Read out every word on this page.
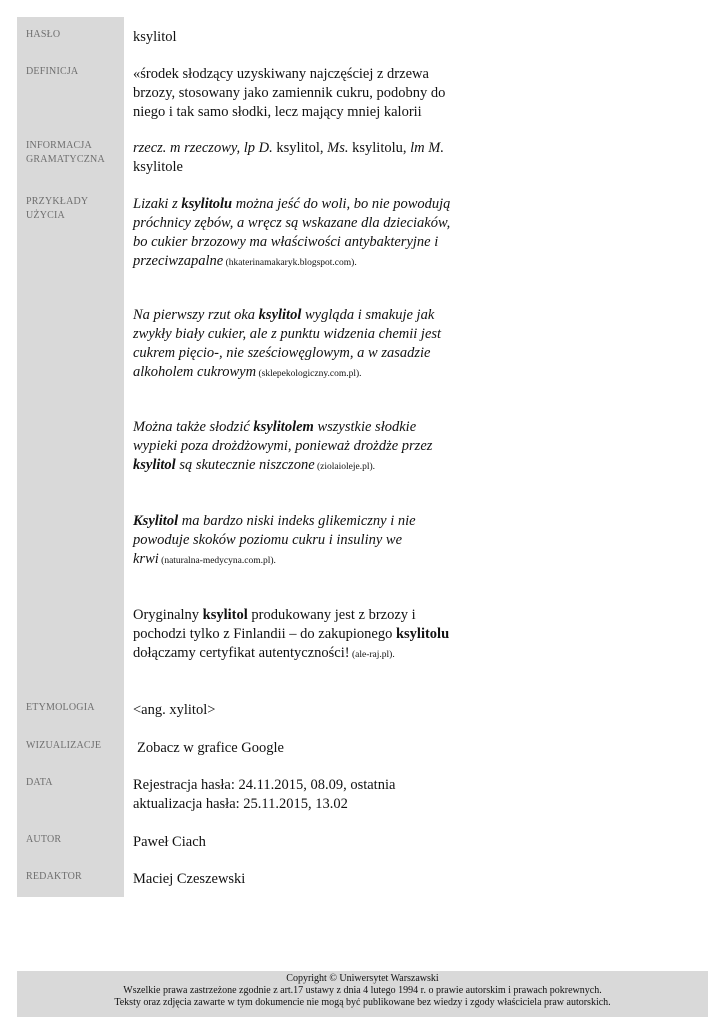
HASŁO
DEFINICJA
INFORMACJA
GRAMATYCZNA
PRZYKŁADY
UŻYCIA
ETYMOLOGIA
WIZUALIZACJE
DATA
AUTOR
REDAKTOR
ksylitol
«środek słodzący uzyskiwany najczęściej z drzewa brzozy, stosowany jako zamiennik cukru, podobny do niego i tak samo słodki, lecz mający mniej kalorii
rzecz. m rzeczowy, lp D. ksylitol, Ms. ksylitolu, lm M. ksylitole
Lizaki z ksylitolu można jeść do woli, bo nie powodują próchnicy zębów, a wręcz są wskazane dla dzieciaków, bo cukier brzozowy ma właściwości antybakteryjne i przeciwzapalne (hkaterinamakaryk.blogspot.com).
Na pierwszy rzut oka ksylitol wygląda i smakuje jak zwykły biały cukier, ale z punktu widzenia chemii jest cukrem pięcio-, nie sześciowęglowym, a w zasadzie alkoholem cukrowym (sklepekologiczny.com.pl).
Można także słodzić ksylitolem wszystkie słodkie wypieki poza drożdżowymi, ponieważ drożdże przez ksylitol są skutecznie niszczone (ziolaioleje.pl).
Ksylitol ma bardzo niski indeks glikemiczny i nie powoduje skoków poziomu cukru i insuliny we krwi (naturalna-medycyna.com.pl).
Oryginalny ksylitol produkowany jest z brzozy i pochodzi tylko z Finlandii – do zakupionego ksylitolu dołączamy certyfikat autentyczności! (ale-raj.pl).
<ang. xylitol>
Zobacz w grafice Google
Rejestracja hasła: 24.11.2015, 08.09, ostatnia aktualizacja hasła: 25.11.2015, 13.02
Paweł Ciach
Maciej Czeszewski
Copyright © Uniwersytet Warszawski
Wszelkie prawa zastrzeżone zgodnie z art.17 ustawy z dnia 4 lutego 1994 r. o prawie autorskim i prawach pokrewnych.
Teksty oraz zdjęcia zawarte w tym dokumencie nie mogą być publikowane bez wiedzy i zgody właściciela praw autorskich.
